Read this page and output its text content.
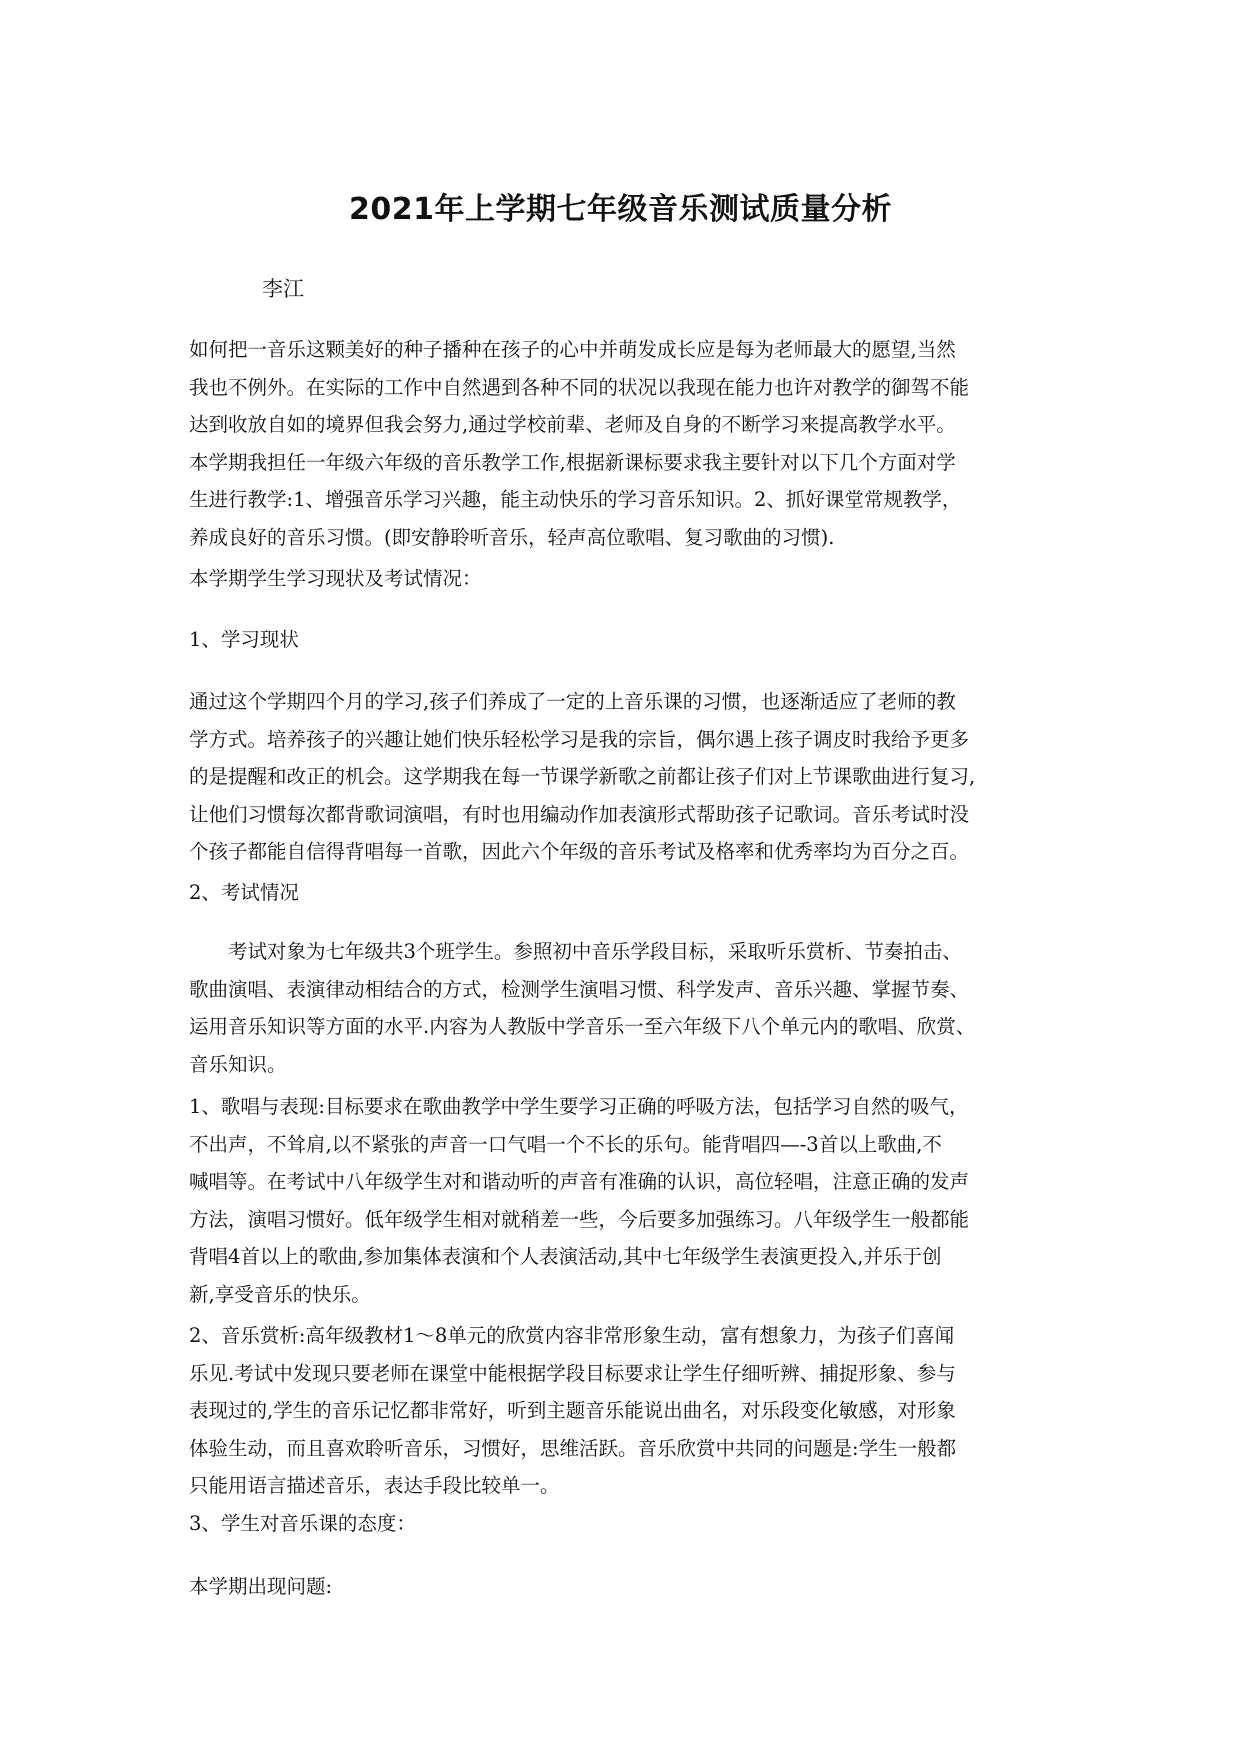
2021年上学期七年级音乐测试质量分析
李江
如何把一音乐这颗美好的种子播种在孩子的心中并萌发成长应是每为老师最大的愿望,当然
我也不例外。在实际的工作中自然遇到各种不同的状况以我现在能力也许对教学的御驾不能
达到收放自如的境界但我会努力,通过学校前辈、老师及自身的不断学习来提高教学水平。
本学期我担任一年级六年级的音乐教学工作,根据新课标要求我主要针对以下几个方面对学
生进行教学:1、增强音乐学习兴趣，能主动快乐的学习音乐知识。2、抓好课堂常规教学，
养成良好的音乐习惯。(即安静聆听音乐，轻声高位歌唱、复习歌曲的习惯).
本学期学生学习现状及考试情况：
1、学习现状
通过这个学期四个月的学习,孩子们养成了一定的上音乐课的习惯，也逐渐适应了老师的教
学方式。培养孩子的兴趣让她们快乐轻松学习是我的宗旨，偶尔遇上孩子调皮时我给予更多
的是提醒和改正的机会。这学期我在每一节课学新歌之前都让孩子们对上节课歌曲进行复习,
让他们习惯每次都背歌词演唱，有时也用编动作加表演形式帮助孩子记歌词。音乐考试时没
个孩子都能自信得背唱每一首歌，因此六个年级的音乐考试及格率和优秀率均为百分之百。
2、考试情况
　　考试对象为七年级共3个班学生。参照初中音乐学段目标，采取听乐赏析、节奏拍击、
歌曲演唱、表演律动相结合的方式，检测学生演唱习惯、科学发声、音乐兴趣、掌握节奏、
运用音乐知识等方面的水平.内容为人教版中学音乐一至六年级下八个单元内的歌唱、欣赏、
音乐知识。
1、歌唱与表现:目标要求在歌曲教学中学生要学习正确的呼吸方法，包括学习自然的吸气，
不出声，不耸肩,以不紧张的声音一口气唱一个不长的乐句。能背唱四—-3首以上歌曲,不
喊唱等。在考试中八年级学生对和谐动听的声音有准确的认识，高位轻唱，注意正确的发声
方法，演唱习惯好。低年级学生相对就稍差一些，今后要多加强练习。八年级学生一般都能
背唱4首以上的歌曲,参加集体表演和个人表演活动,其中七年级学生表演更投入,并乐于创
新,享受音乐的快乐。
2、音乐赏析:高年级教材1～8单元的欣赏内容非常形象生动，富有想象力，为孩子们喜闻
乐见.考试中发现只要老师在课堂中能根据学段目标要求让学生仔细听辨、捕捉形象、参与
表现过的,学生的音乐记忆都非常好，听到主题音乐能说出曲名，对乐段变化敏感，对形象
体验生动，而且喜欢聆听音乐，习惯好，思维活跃。音乐欣赏中共同的问题是:学生一般都
只能用语言描述音乐，表达手段比较单一。
3、学生对音乐课的态度：
本学期出现问题:
